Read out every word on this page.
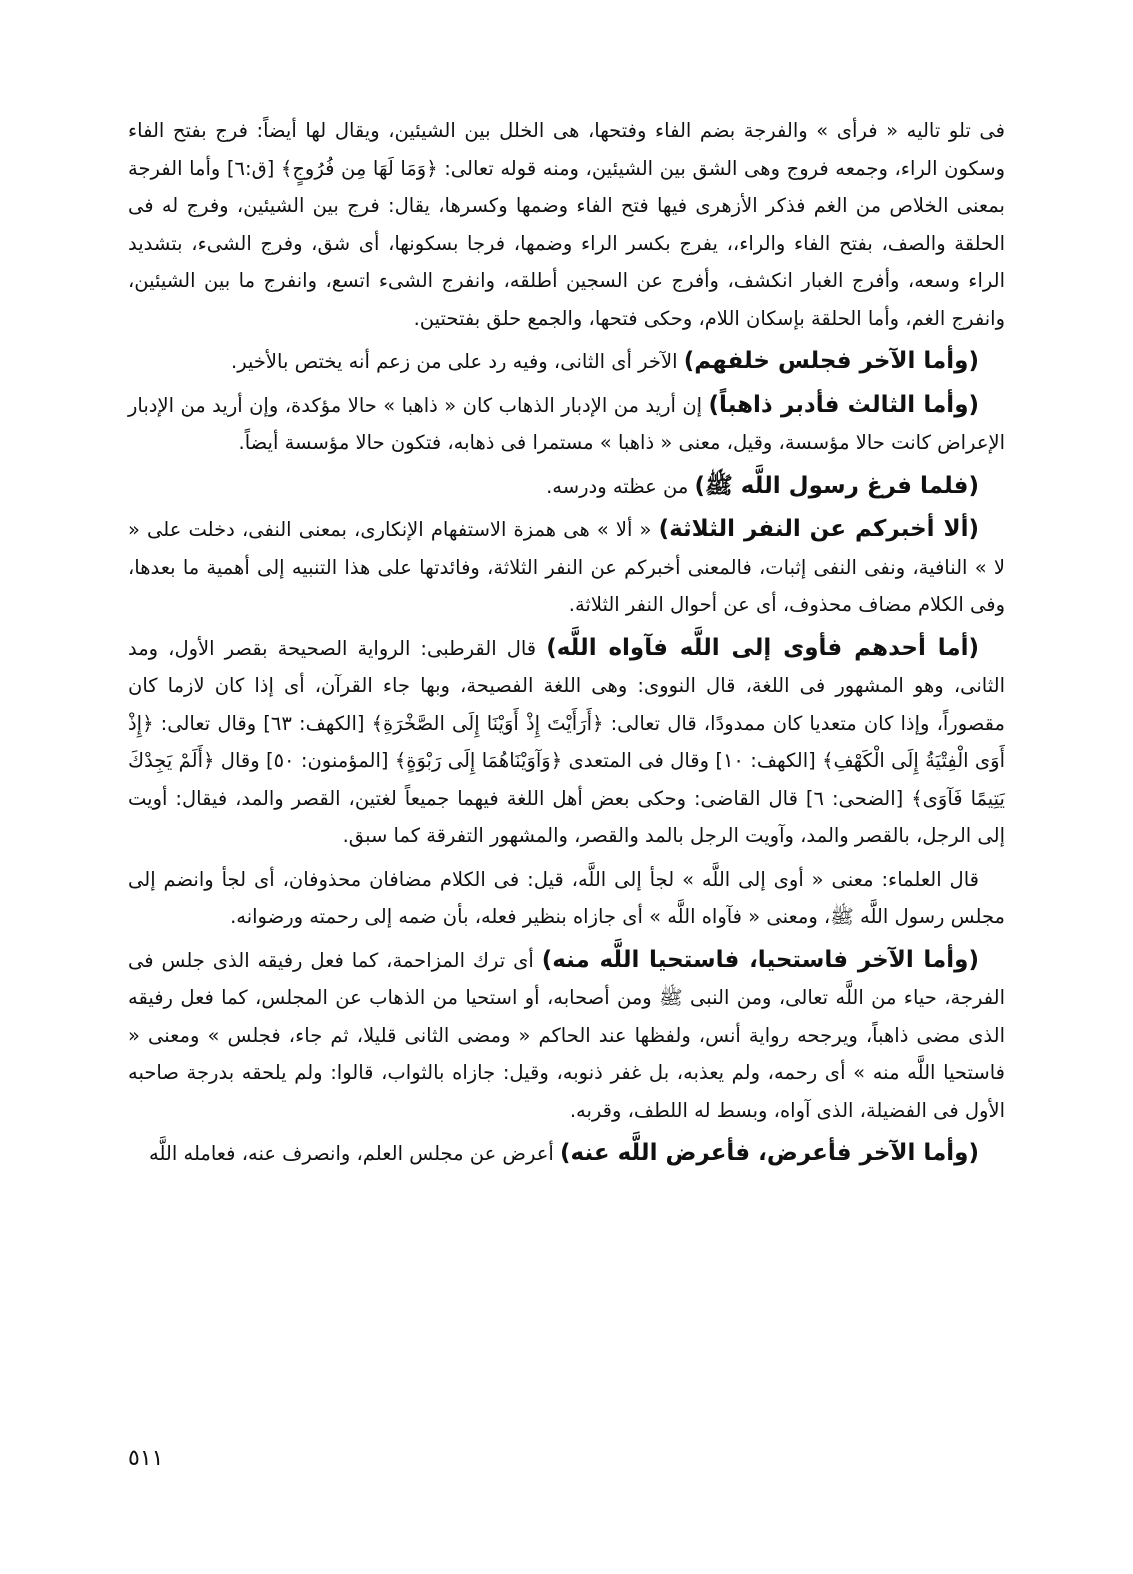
فى تلو تاليه « فرأى » والفرجة بضم الفاء وفتحها، هى الخلل بين الشيئين، ويقال لها أيضاً: فرج بفتح الفاء وسكون الراء، وجمعه فروج وهى الشق بين الشيئين، ومنه قوله تعالى: ﴿وَمَا لَهَا مِن فُرُوجٍ﴾ [ق:٦] وأما الفرجة بمعنى الخلاص من الغم فذكر الأزهرى فيها فتح الفاء وضمها وكسرها، يقال: فرج بين الشيئين، وفرج له فى الحلقة والصف، بفتح الفاء والراء،، يفرج بكسر الراء وضمها، فرجا بسكونها، أى شق، وفرج الشىء، بتشديد الراء وسعه، وأفرج الغبار انكشف، وأفرج عن السجين أطلقه، وانفرج الشىء اتسع، وانفرج ما بين الشيئين، وانفرج الغم، وأما الحلقة بإسكان اللام، وحكى فتحها، والجمع حلق بفتحتين.

(وأما الآخر فجلس خلفهم) الآخر أى الثانى، وفيه رد على من زعم أنه يختص بالأخير.

(وأما الثالث فأدبر ذاهباً) إن أريد من الإدبار الذهاب كان « ذاهبا » حالا مؤكدة، وإن أريد من الإدبار الإعراض كانت حالا مؤسسة، وقيل، معنى « ذاهبا » مستمرا فى ذهابه، فتكون حالا مؤسسة أيضاً.

(فلما فرغ رسول اللَّه ﷺ) من عظته ودرسه.

(ألا أخبركم عن النفر الثلاثة) « ألا » هى همزة الاستفهام الإنكارى، بمعنى النفى، دخلت على « لا » النافية، ونفى النفى إثبات، فالمعنى أخبركم عن النفر الثلاثة، وفائدتها على هذا التنبيه إلى أهمية ما بعدها، وفى الكلام مضاف محذوف، أى عن أحوال النفر الثلاثة.

(أما أحدهم فأوى إلى اللَّه فآواه اللَّه) قال القرطبى: الرواية الصحيحة بقصر الأول، ومد الثانى، وهو المشهور فى اللغة، قال النووى: وهى اللغة الفصيحة، وبها جاء القرآن، أى إذا كان لازما كان مقصوراً، وإذا كان متعديا كان ممدودًا، قال تعالى: ﴿أَرَأَيْتَ إِذْ أَوَيْنَا إِلَى الصَّخْرَةِ﴾ [الكهف: ٦٣] وقال تعالى: ﴿إِذْ أَوَى الْفِتْيَةُ إِلَى الْكَهْفِ﴾ [الكهف: ١٠] وقال فى المتعدى ﴿وَآوَيْنَاهُمَا إِلَى رَبْوَةٍ﴾ [المؤمنون: ٥٠] وقال ﴿أَلَمْ يَجِدْكَ يَتِيمًا فَآوَى﴾ [الضحى: ٦] قال القاضى: وحكى بعض أهل اللغة فيهما جميعاً لغتين، القصر والمد، فيقال: أويت إلى الرجل، بالقصر والمد، وآويت الرجل بالمد والقصر، والمشهور التفرقة كما سبق.

قال العلماء: معنى « أوى إلى اللَّه » لجأ إلى اللَّه، قيل: فى الكلام مضافان محذوفان، أى لجأ وانضم إلى مجلس رسول اللَّه ﷺ، ومعنى « فآواه اللَّه » أى جازاه بنظير فعله، بأن ضمه إلى رحمته ورضوانه.

(وأما الآخر فاستحيا، فاستحيا اللَّه منه) أى ترك المزاحمة، كما فعل رفيقه الذى جلس فى الفرجة، حياء من اللَّه تعالى، ومن النبى ﷺ ومن أصحابه، أو استحيا من الذهاب عن المجلس، كما فعل رفيقه الذى مضى ذاهباً، ويرجحه رواية أنس، ولفظها عند الحاكم « ومضى الثانى قليلا، ثم جاء، فجلس » ومعنى « فاستحيا اللَّه منه » أى رحمه، ولم يعذبه، بل غفر ذنوبه، وقيل: جازاه بالثواب، قالوا: ولم يلحقه بدرجة صاحبه الأول فى الفضيلة، الذى آواه، وبسط له اللطف، وقربه.

(وأما الآخر فأعرض، فأعرض اللَّه عنه) أعرض عن مجلس العلم، وانصرف عنه، فعامله اللَّه

٥١١
